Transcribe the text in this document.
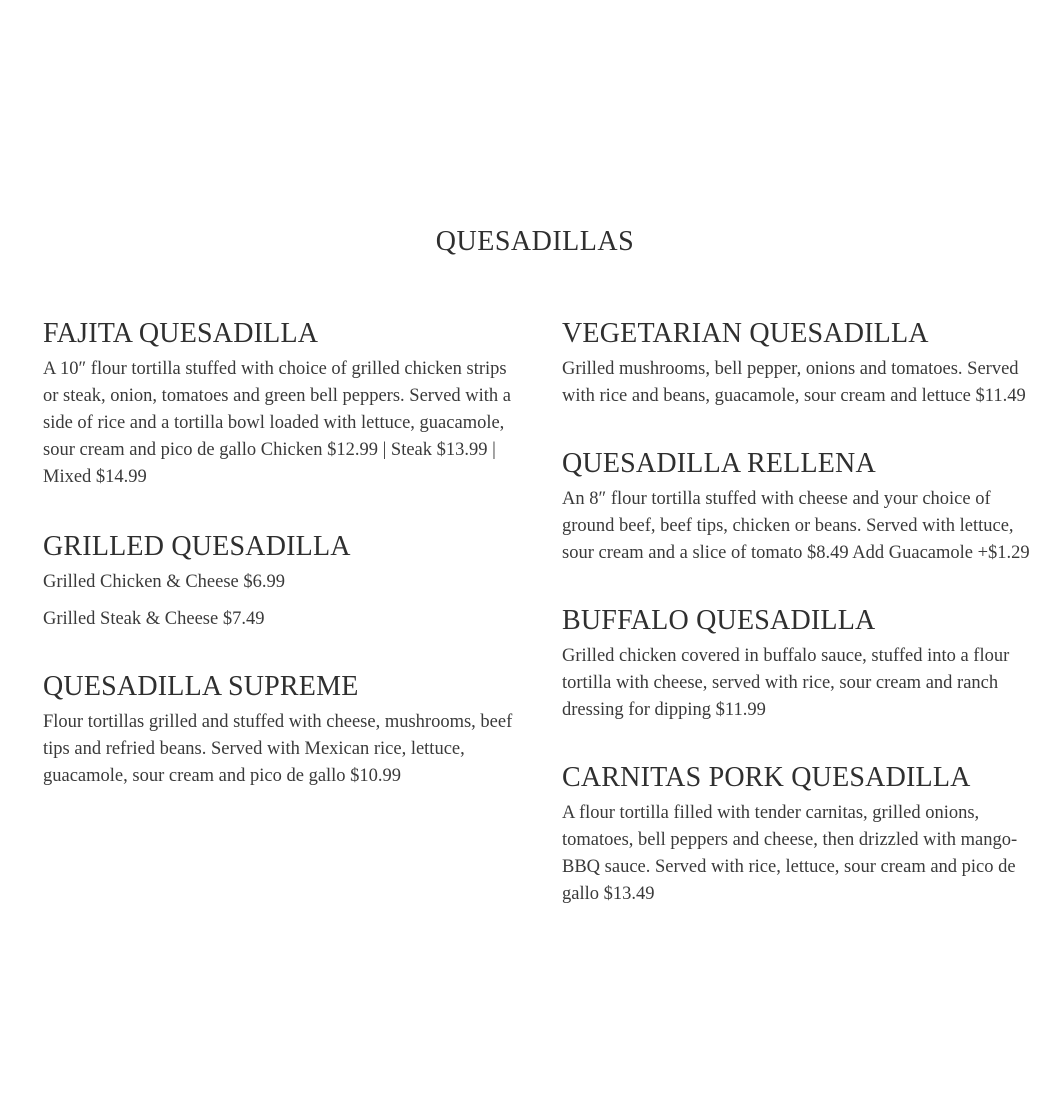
QUESADILLAS
FAJITA QUESADILLA

A 10″ flour tortilla stuffed with choice of grilled chicken strips or steak, onion, tomatoes and green bell peppers. Served with a side of rice and a tortilla bowl loaded with lettuce, guacamole, sour cream and pico de gallo Chicken $12.99 | Steak $13.99 | Mixed $14.99

GRILLED QUESADILLA

Grilled Chicken & Cheese $6.99

Grilled Steak & Cheese $7.49

QUESADILLA SUPREME

Flour tortillas grilled and stuffed with cheese, mushrooms, beef tips and refried beans. Served with Mexican rice, lettuce, guacamole, sour cream and pico de gallo $10.99

VEGETARIAN QUESADILLA

Grilled mushrooms, bell pepper, onions and tomatoes. Served with rice and beans, guacamole, sour cream and lettuce $11.49

QUESADILLA RELLENA

An 8″ flour tortilla stuffed with cheese and your choice of ground beef, beef tips, chicken or beans. Served with lettuce, sour cream and a slice of tomato $8.49 Add Guacamole +$1.29

BUFFALO QUESADILLA

Grilled chicken covered in buffalo sauce, stuffed into a flour tortilla with cheese, served with rice, sour cream and ranch dressing for dipping $11.99

CARNITAS PORK QUESADILLA

A flour tortilla filled with tender carnitas, grilled onions, tomatoes, bell peppers and cheese, then drizzled with mango-BBQ sauce. Served with rice, lettuce, sour cream and pico de gallo $13.49
